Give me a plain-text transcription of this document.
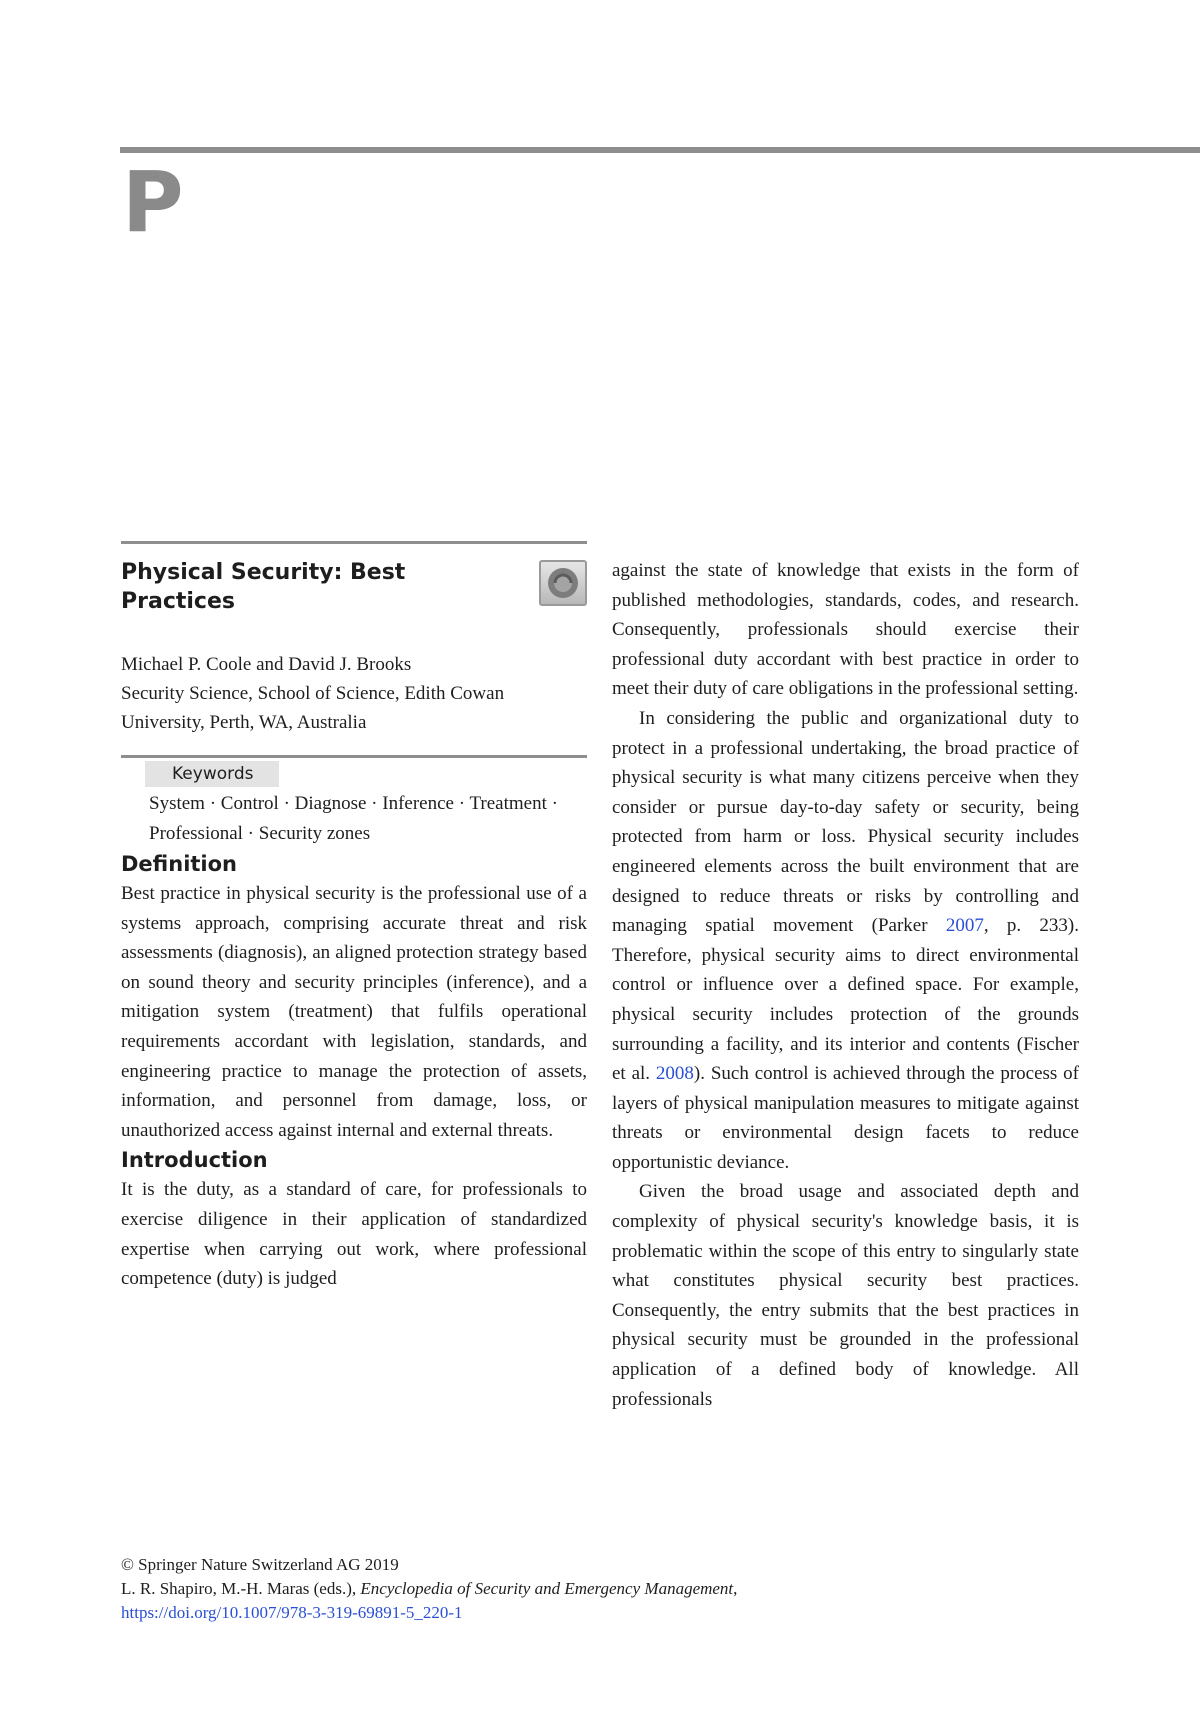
P
Physical Security: Best Practices
Michael P. Coole and David J. Brooks
Security Science, School of Science, Edith Cowan University, Perth, WA, Australia
Keywords
System · Control · Diagnose · Inference · Treatment · Professional · Security zones
Definition

Best practice in physical security is the professional use of a systems approach, comprising accurate threat and risk assessments (diagnosis), an aligned protection strategy based on sound theory and security principles (inference), and a mitigation system (treatment) that fulfils operational requirements accordant with legislation, standards, and engineering practice to manage the protection of assets, information, and personnel from damage, loss, or unauthorized access against internal and external threats.

Introduction

It is the duty, as a standard of care, for professionals to exercise diligence in their application of standardized expertise when carrying out work, where professional competence (duty) is judged

against the state of knowledge that exists in the form of published methodologies, standards, codes, and research. Consequently, professionals should exercise their professional duty accordant with best practice in order to meet their duty of care obligations in the professional setting.

In considering the public and organizational duty to protect in a professional undertaking, the broad practice of physical security is what many citizens perceive when they consider or pursue day-to-day safety or security, being protected from harm or loss. Physical security includes engineered elements across the built environment that are designed to reduce threats or risks by controlling and managing spatial movement (Parker 2007, p. 233). Therefore, physical security aims to direct environmental control or influence over a defined space. For example, physical security includes protection of the grounds surrounding a facility, and its interior and contents (Fischer et al. 2008). Such control is achieved through the process of layers of physical manipulation measures to mitigate against threats or environmental design facets to reduce opportunistic deviance.

Given the broad usage and associated depth and complexity of physical security's knowledge basis, it is problematic within the scope of this entry to singularly state what constitutes physical security best practices. Consequently, the entry submits that the best practices in physical security must be grounded in the professional application of a defined body of knowledge. All professionals

© Springer Nature Switzerland AG 2019
L. R. Shapiro, M.-H. Maras (eds.), Encyclopedia of Security and Emergency Management,
https://doi.org/10.1007/978-3-319-69891-5_220-1
